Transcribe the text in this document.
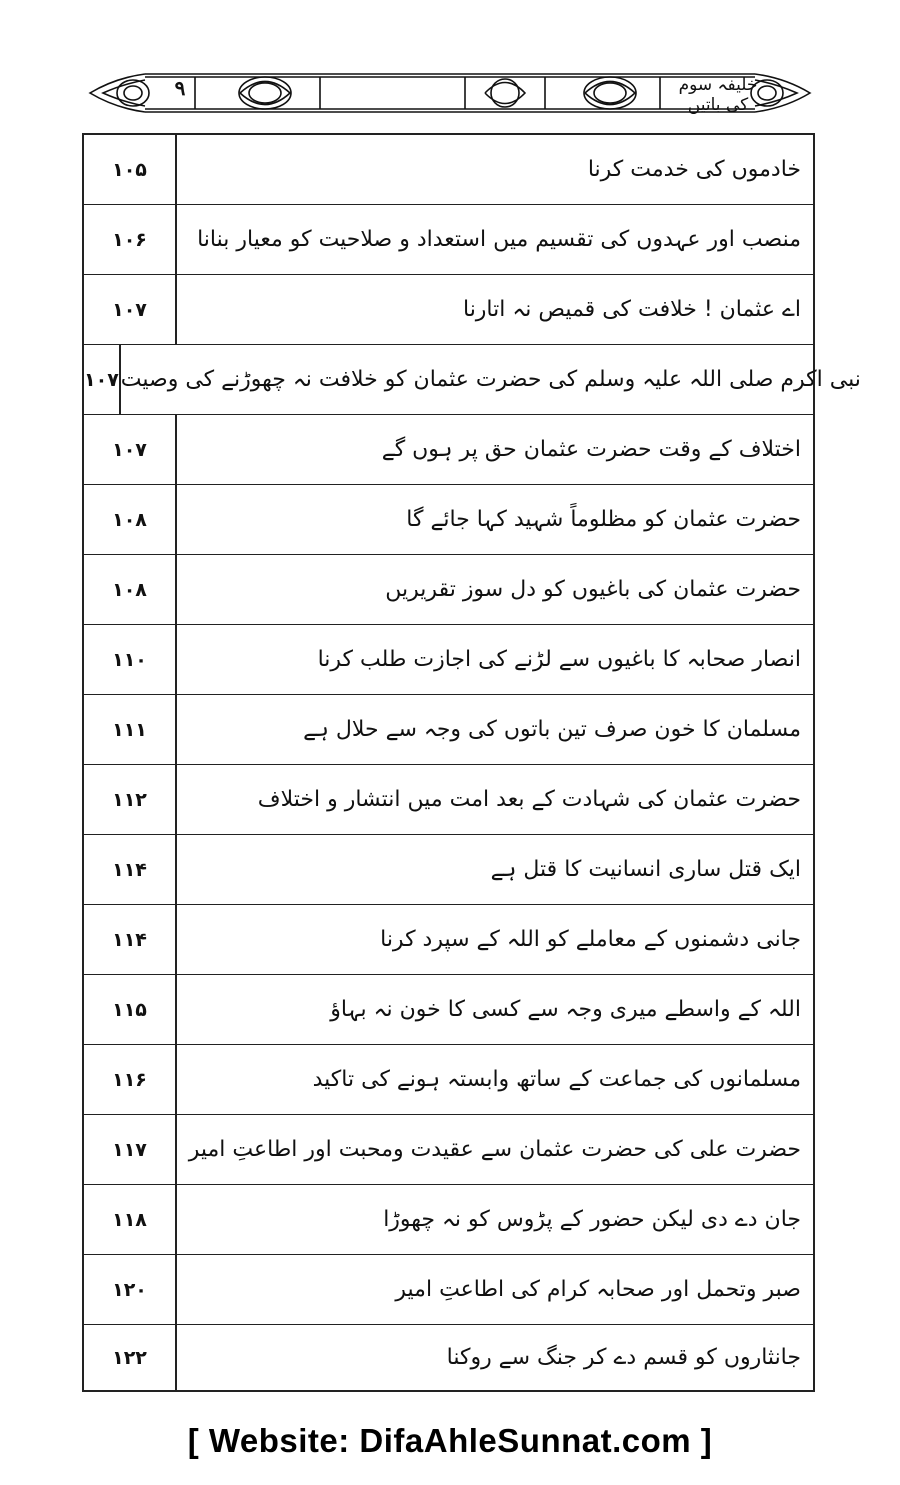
۹	خلیفہ سوم کی باتیں
۱۰۵	خادموں کی خدمت کرنا
۱۰۶	منصب اور عہدوں کی تقسیم میں استعداد و صلاحیت کو معیار بنانا
۱۰۷	اے عثمان ! خلافت کی قمیص نہ اتارنا
۱۰۷ نبی اکرم صلی اللہ علیہ وسلم کی حضرت عثمان کو خلافت نہ چھوڑنے کی وصیت
۱۰۷	اختلاف کے وقت حضرت عثمان حق پر ہوں گے
۱۰۸	حضرت عثمان کو مظلوماً شہید کہا جائے گا
۱۰۸	حضرت عثمان کی باغیوں کو دل سوز تقریریں
۱۱۰	انصار صحابہ کا باغیوں سے لڑنے کی اجازت طلب کرنا
۱۱۱	مسلمان کا خون صرف تین باتوں کی وجہ سے حلال ہے
۱۱۲	حضرت عثمان کی شہادت کے بعد امت میں انتشار و اختلاف
۱۱۴	ایک قتل ساری انسانیت کا قتل ہے
۱۱۴	جانی دشمنوں کے معاملے کو اللہ کے سپرد کرنا
۱۱۵	اللہ کے واسطے میری وجہ سے کسی کا خون نہ بہاؤ
۱۱۶	مسلمانوں کی جماعت کے ساتھ وابستہ ہونے کی تاکید
۱۱۷	حضرت علی کی حضرت عثمان سے عقیدت ومحبت اور اطاعتِ امیر
۱۱۸	جان دے دی لیکن حضور کے پڑوس کو نہ چھوڑا
۱۲۰	صبر وتحمل اور صحابہ کرام کی اطاعتِ امیر
۱۲۲	جانثاروں کو قسم دے کر جنگ سے روکنا
[ Website: DifaAhleSunnat.com ]
